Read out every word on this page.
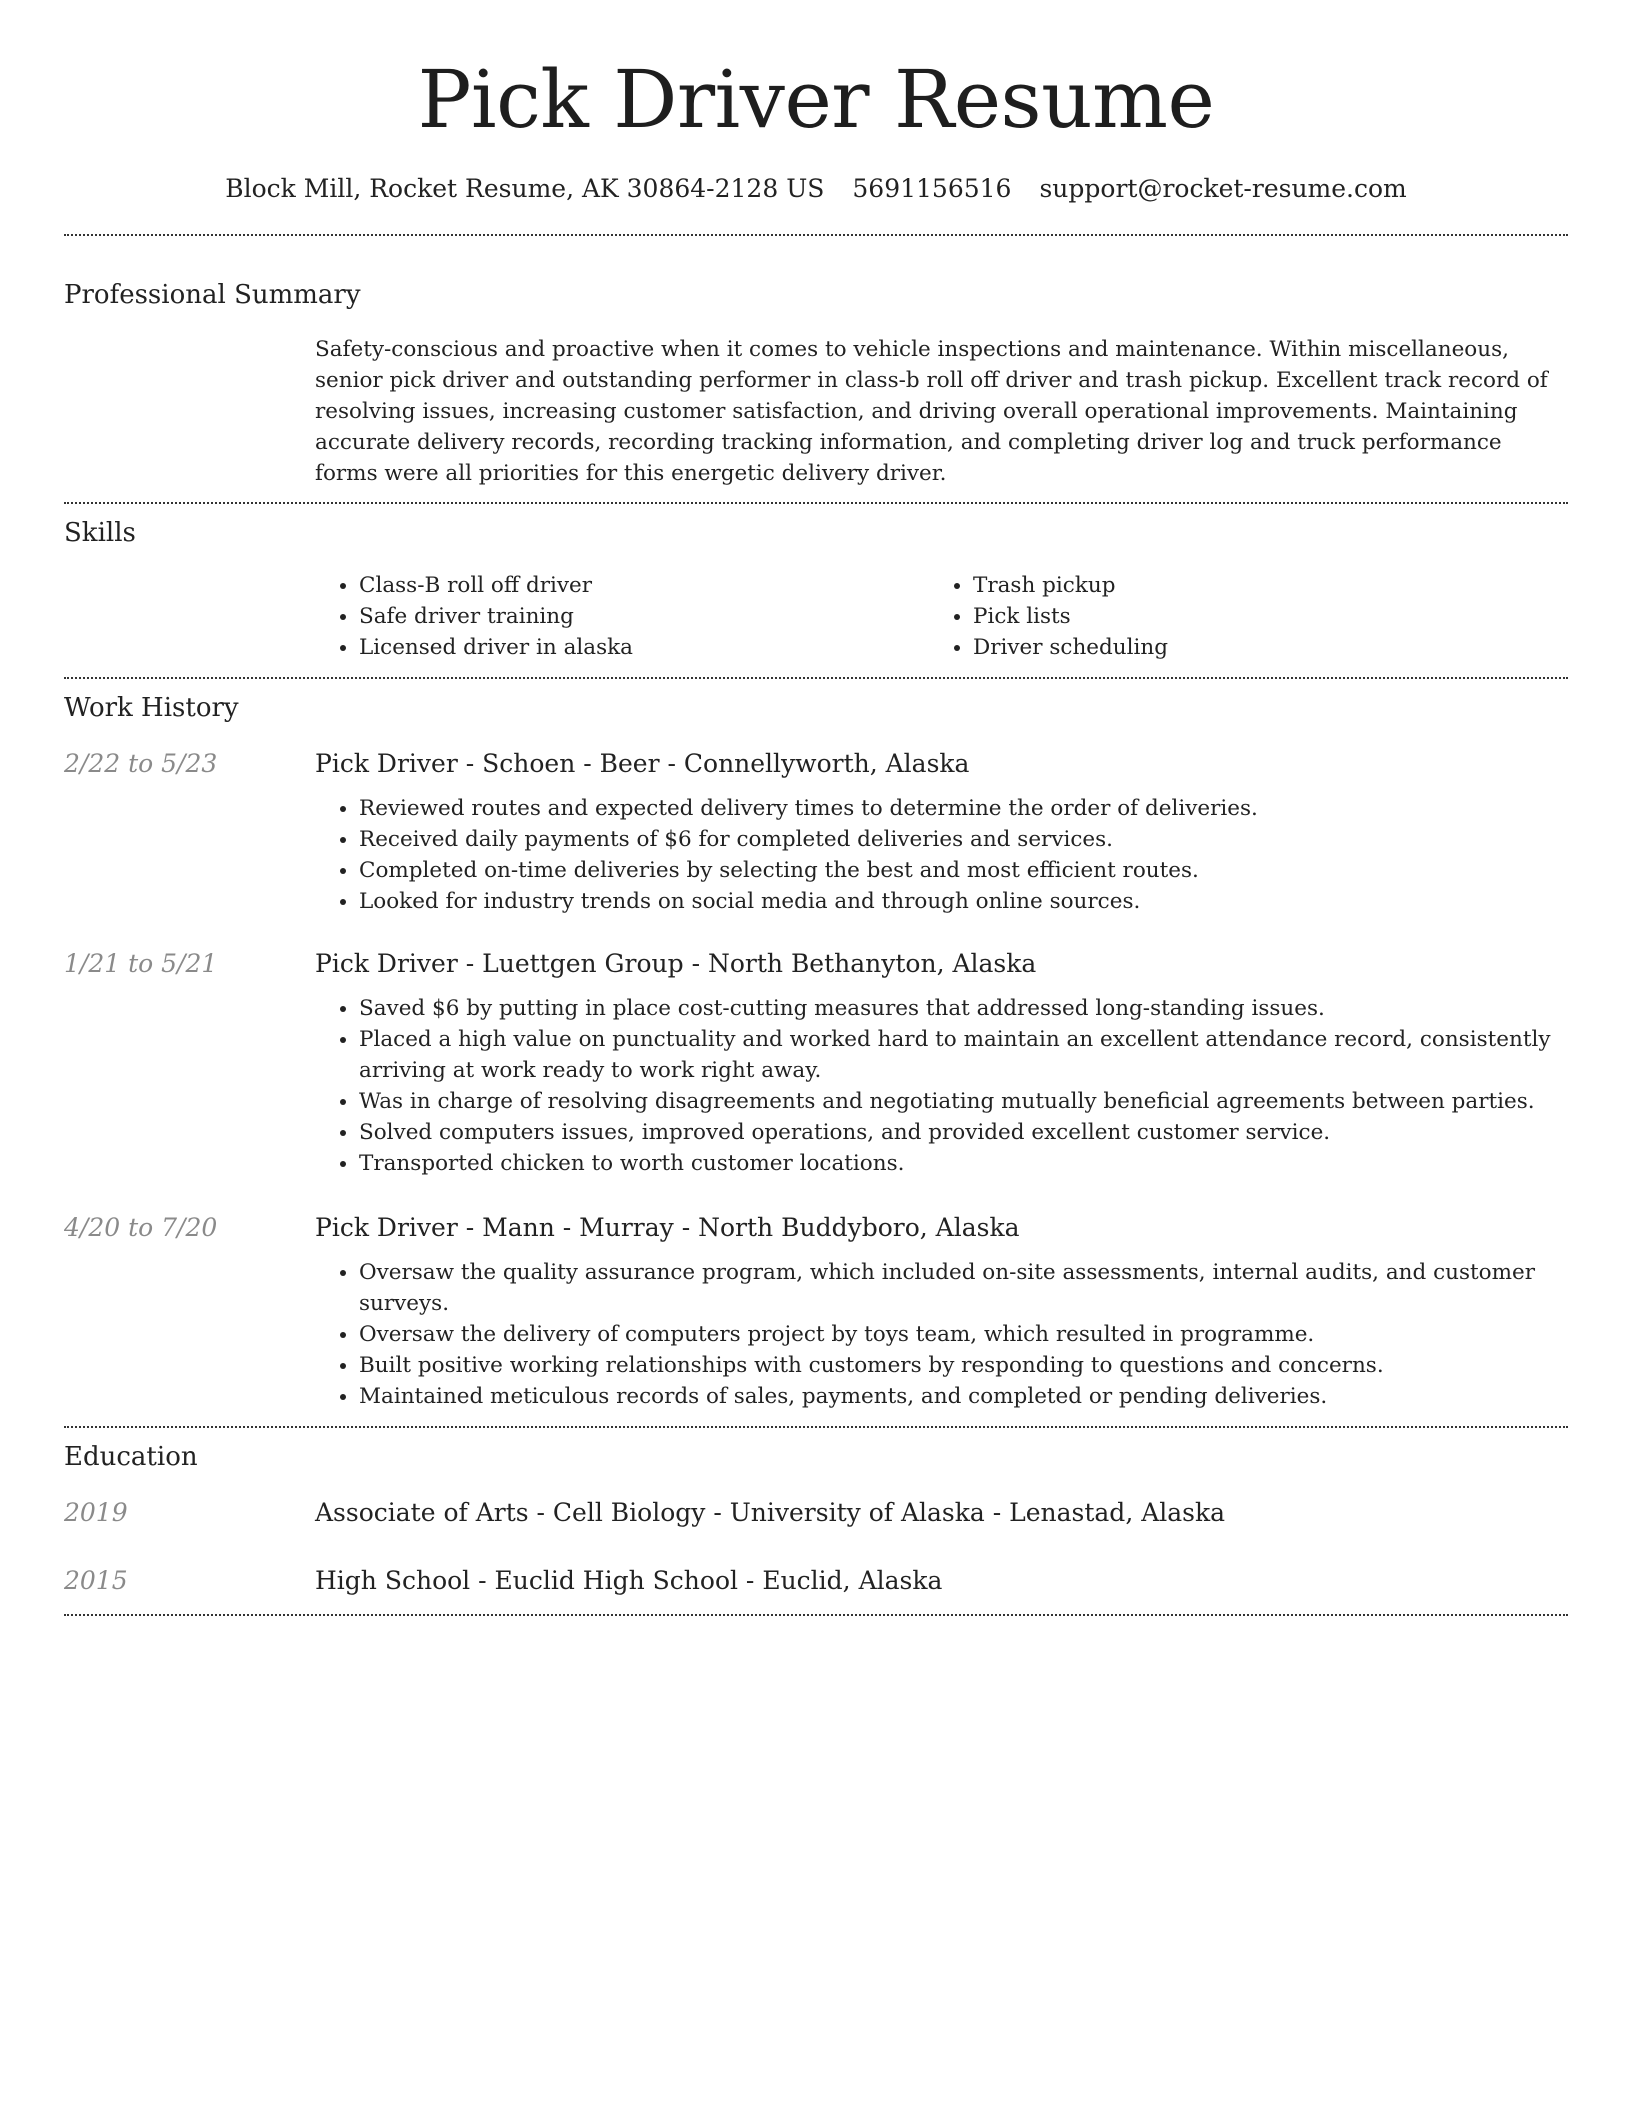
Pick Driver Resume
Block Mill, Rocket Resume, AK 30864-2128 US 5691156516 support@rocket-resume.com
Professional Summary
Safety-conscious and proactive when it comes to vehicle inspections and maintenance. Within miscellaneous, senior pick driver and outstanding performer in class-b roll off driver and trash pickup. Excellent track record of resolving issues, increasing customer satisfaction, and driving overall operational improvements. Maintaining accurate delivery records, recording tracking information, and completing driver log and truck performance forms were all priorities for this energetic delivery driver.
Skills
• Class-B roll off driver
• Safe driver training
• Licensed driver in alaska
• Trash pickup
• Pick lists
• Driver scheduling
Work History
2/22 to 5/23	Pick Driver - Schoen - Beer - Connellyworth, Alaska
• Reviewed routes and expected delivery times to determine the order of deliveries.
• Received daily payments of $6 for completed deliveries and services.
• Completed on-time deliveries by selecting the best and most efficient routes.
• Looked for industry trends on social media and through online sources.
1/21 to 5/21	Pick Driver - Luettgen Group - North Bethanyton, Alaska
• Saved $6 by putting in place cost-cutting measures that addressed long-standing issues.
• Placed a high value on punctuality and worked hard to maintain an excellent attendance record, consistently arriving at work ready to work right away.
• Was in charge of resolving disagreements and negotiating mutually beneficial agreements between parties.
• Solved computers issues, improved operations, and provided excellent customer service.
• Transported chicken to worth customer locations.
4/20 to 7/20	Pick Driver - Mann - Murray - North Buddyboro, Alaska
• Oversaw the quality assurance program, which included on-site assessments, internal audits, and customer surveys.
• Oversaw the delivery of computers project by toys team, which resulted in programme.
• Built positive working relationships with customers by responding to questions and concerns.
• Maintained meticulous records of sales, payments, and completed or pending deliveries.
Education
2019	Associate of Arts - Cell Biology - University of Alaska - Lenastad, Alaska
2015	High School - Euclid High School - Euclid, Alaska
